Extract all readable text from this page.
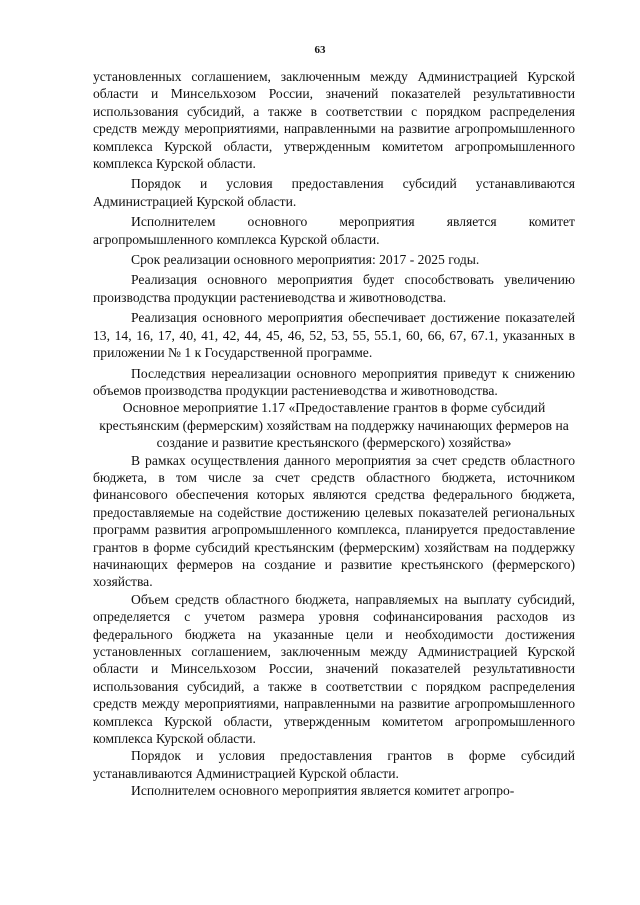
63

установленных соглашением, заключенным между Администрацией Курской области и Минсельхозом России, значений показателей результативности использования субсидий, а также в соответствии с порядком распределения средств между мероприятиями, направленными на развитие агропромышленного комплекса Курской области, утвержденным комитетом агропромышленного комплекса Курской области.

Порядок и условия предоставления субсидий устанавливаются Администрацией Курской области.

Исполнителем основного мероприятия является комитет агропромышленного комплекса Курской области.

Срок реализации основного мероприятия: 2017 - 2025 годы.

Реализация основного мероприятия будет способствовать увеличению производства продукции растениеводства и животноводства.

Реализация основного мероприятия обеспечивает достижение показателей 13, 14, 16, 17, 40, 41, 42, 44, 45, 46, 52, 53, 55, 55.1, 60, 66, 67, 67.1, указанных в приложении № 1 к Государственной программе.

Последствия нереализации основного мероприятия приведут к снижению объемов производства продукции растениеводства и животноводства.

Основное мероприятие 1.17 «Предоставление грантов в форме субсидий крестьянским (фермерским) хозяйствам на поддержку начинающих фермеров на создание и развитие крестьянского (фермерского) хозяйства»

В рамках осуществления данного мероприятия за счет средств областного бюджета, в том числе за счет средств областного бюджета, источником финансового обеспечения которых являются средства федерального бюджета, предоставляемые на содействие достижению целевых показателей региональных программ развития агропромышленного комплекса, планируется предоставление грантов в форме субсидий крестьянским (фермерским) хозяйствам на поддержку начинающих фермеров на создание и развитие крестьянского (фермерского) хозяйства.

Объем средств областного бюджета, направляемых на выплату субсидий, определяется с учетом размера уровня софинансирования расходов из федерального бюджета на указанные цели и необходимости достижения установленных соглашением, заключенным между Администрацией Курской области и Минсельхозом России, значений показателей результативности использования субсидий, а также в соответствии с порядком распределения средств между мероприятиями, направленными на развитие агропромышленного комплекса Курской области, утвержденным комитетом агропромышленного комплекса Курской области.

Порядок и условия предоставления грантов в форме субсидий устанавливаются Администрацией Курской области.

Исполнителем основного мероприятия является комитет агропро-
